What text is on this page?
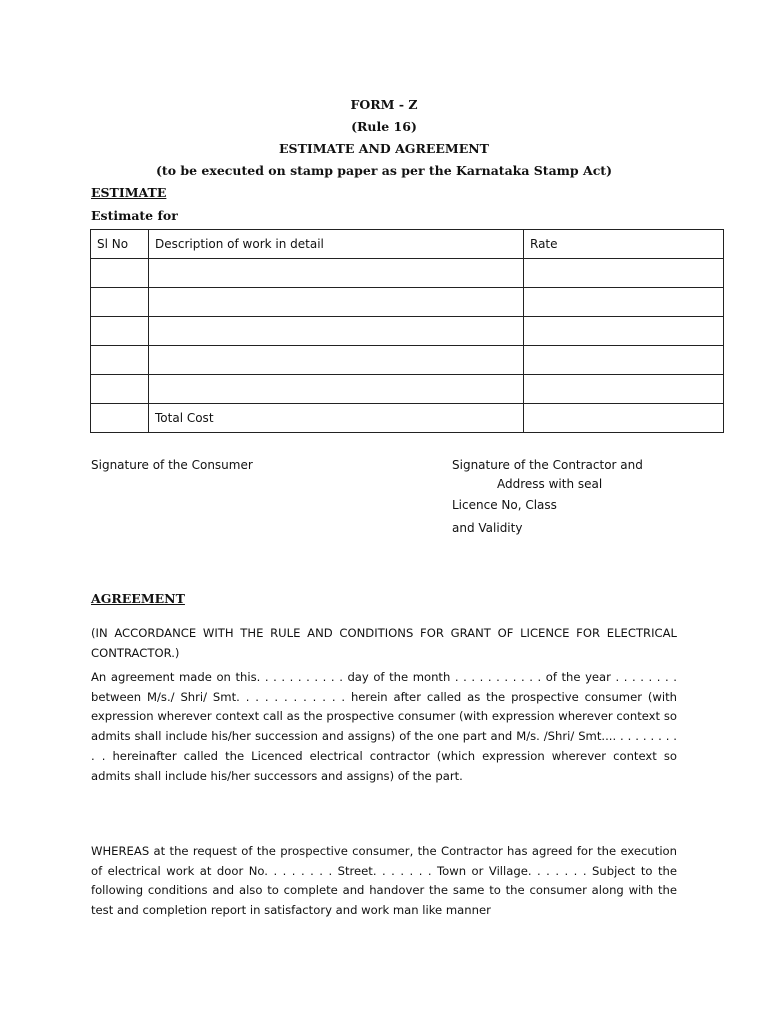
FORM - Z
(Rule 16)
ESTIMATE AND AGREEMENT
(to be executed on stamp paper as per the Karnataka Stamp Act)
ESTIMATE
Estimate for
Sl No	Description of work in detail	Rate

	Total Cost	
Signature of the Consumer	Signature of the Contractor and
Address with seal
Licence No, Class
and Validity
AGREEMENT
(IN ACCORDANCE WITH THE RULE AND CONDITIONS FOR GRANT OF LICENCE FOR ELECTRICAL CONTRACTOR.)
An agreement made on this. . . . . . . . . . . day of the month . . . . . . . . . . . of the year . . . . . . . . between M/s./ Shri/ Smt. . . . . . . . . . . . herein after called as the prospective consumer (with expression wherever context call as the prospective consumer (with expression wherever context so admits shall include his/her succession and assigns) of the one part and M/s. /Shri/ Smt.... . . . . . . . . . . hereinafter called the Licenced electrical contractor (which expression wherever context so admits shall include his/her successors and assigns) of the part.
WHEREAS at the request of the prospective consumer, the Contractor has agreed for the execution of electrical work at door No. . . . . . . . Street. . . . . . . Town or Village. . . . . . . Subject to the following conditions and also to complete and handover the same to the consumer along with the test and completion report in satisfactory and work man like manner
